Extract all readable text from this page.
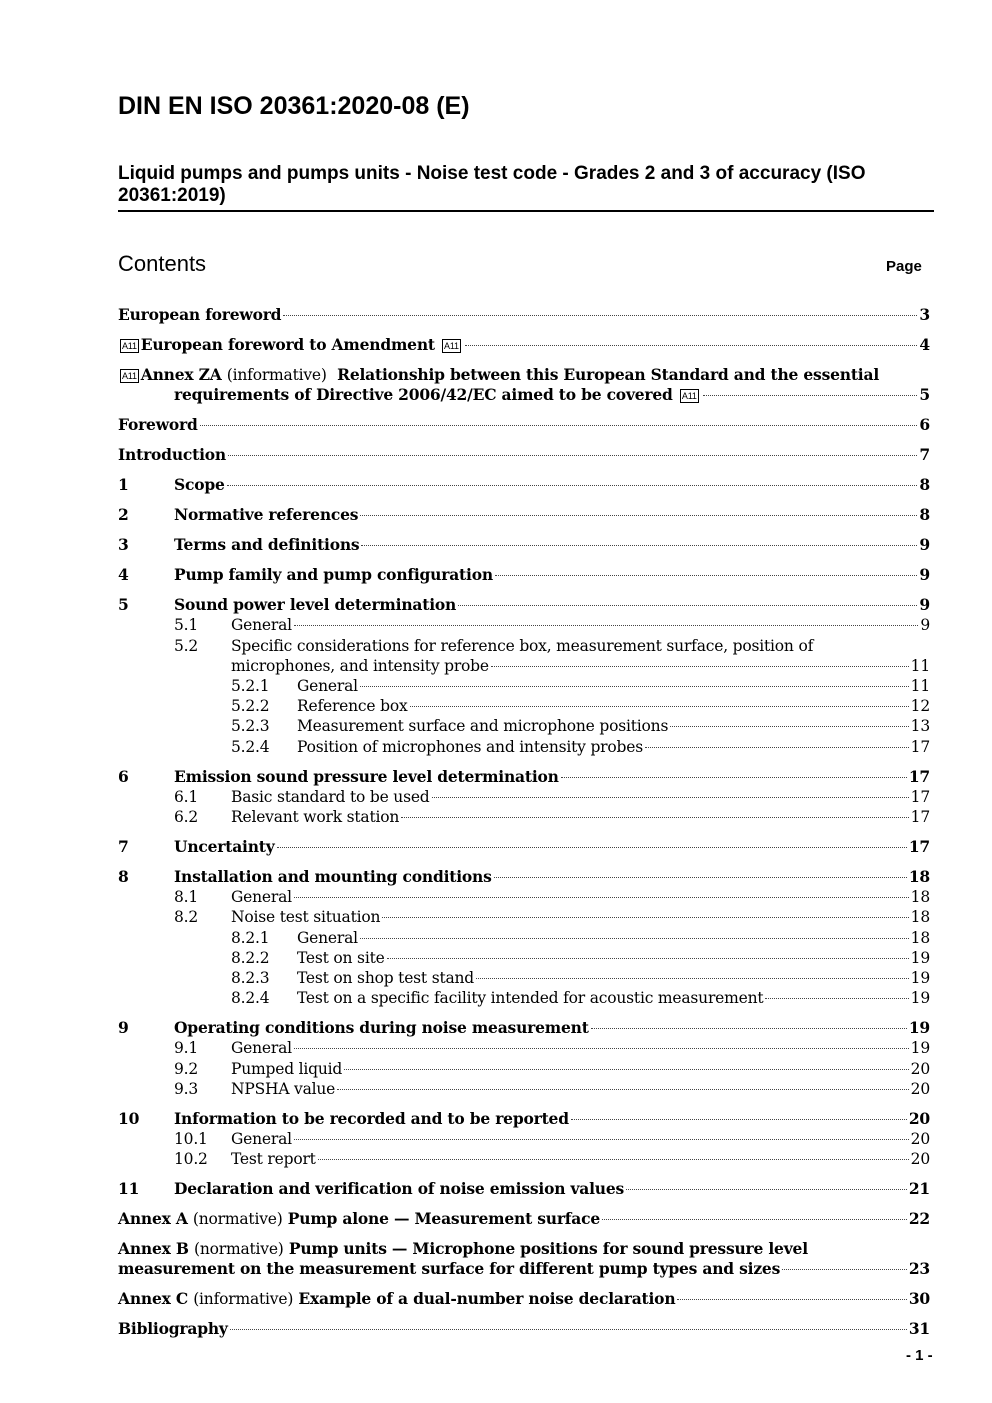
DIN EN ISO 20361:2020-08 (E)
Liquid pumps and pumps units - Noise test code - Grades 2 and 3 of accuracy (ISO 20361:2019)
Contents	Page
European foreword	3
A11 European foreword to Amendment A11	4
A11 Annex ZA (informative) Relationship between this European Standard and the essential
requirements of Directive 2006/42/EC aimed to be covered A11	5
Foreword	6
Introduction	7
1	Scope	8
2	Normative references	8
3	Terms and definitions	9
4	Pump family and pump configuration	9
5	Sound power level determination	9
5.1	General	9
5.2 Specific considerations for reference box, measurement surface, position of
microphones, and intensity probe	11
5.2.1	General	11
5.2.2	Reference box	12
5.2.3	Measurement surface and microphone positions	13
5.2.4	Position of microphones and intensity probes	17
6	Emission sound pressure level determination	17
6.1	Basic standard to be used	17
6.2	Relevant work station	17
7	Uncertainty	17
8	Installation and mounting conditions	18
8.1	General	18
8.2	Noise test situation	18
8.2.1	General	18
8.2.2	Test on site	19
8.2.3	Test on shop test stand	19
8.2.4	Test on a specific facility intended for acoustic measurement	19
9	Operating conditions during noise measurement	19
9.1	General	19
9.2	Pumped liquid	20
9.3	NPSHA value	20
10	Information to be recorded and to be reported	20
10.1	General	20
10.2	Test report	20
11	Declaration and verification of noise emission values	21
Annex A (normative) Pump alone — Measurement surface	22
Annex B (normative) Pump units — Microphone positions for sound pressure level
measurement on the measurement surface for different pump types and sizes	23
Annex C (informative) Example of a dual-number noise declaration	30
Bibliography	31
- 1 -
